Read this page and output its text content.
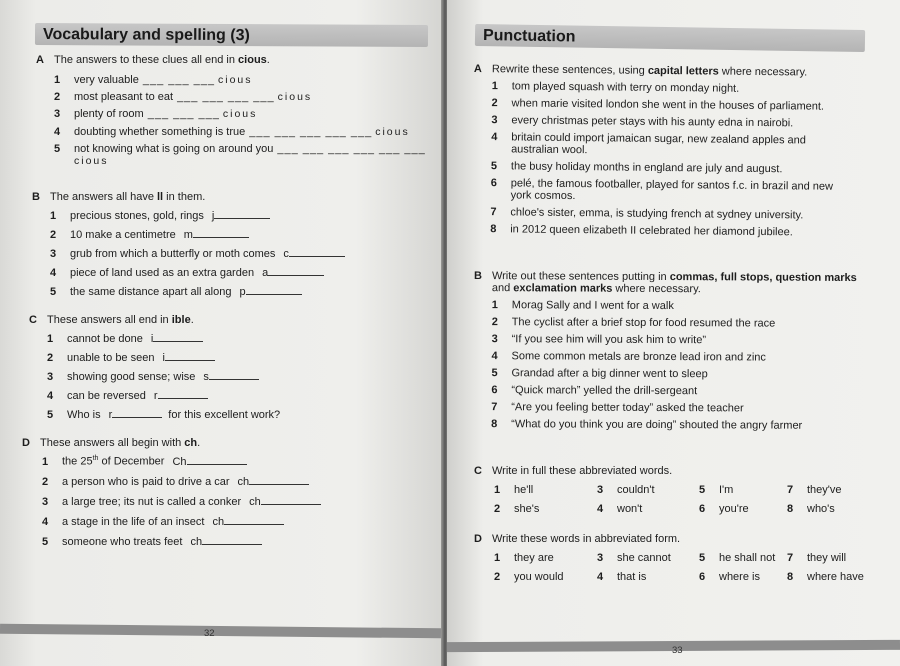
Vocabulary and spelling (3)
A The answers to these clues all end in cious.
1	very valuable ___ ___ ___ cious
2	most pleasant to eat ___ ___ ___ ___ cious
3	plenty of room ___ ___ ___ cious
4	doubting whether something is true ___ ___ ___ ___ ___ cious
5	not knowing what is going on around you ___ ___ ___ ___ ___ ___
cious
B The answers all have ll in them.
1	precious stones, gold, rings j
2	10 make a centimetre m
3	grub from which a butterfly or moth comes c
4	piece of land used as an extra garden a
5	the same distance apart all along p
C These answers all end in ible.
1	cannot be done i
2	unable to be seen i
3	showing good sense; wise s
4	can be reversed r
5	Who is r	for this excellent work?
D These answers all begin with ch.
1	the 25th of December Ch
2	a person who is paid to drive a car ch
3	a large tree; its nut is called a conker ch
4	a stage in the life of an insect ch
5	someone who treats feet ch
32
Punctuation
A Rewrite these sentences, using capital letters where necessary.
1	tom played squash with terry on monday night.
2	when marie visited london she went in the houses of parliament.
3	every christmas peter stays with his aunty edna in nairobi.
4	britain could import jamaican sugar, new zealand apples and
australian wool.
5	the busy holiday months in england are july and august.
6	pelé, the famous footballer, played for santos f.c. in brazil and new
york cosmos.
7	chloe's sister, emma, is studying french at sydney university.
8	in 2012 queen elizabeth II celebrated her diamond jubilee.
B Write out these sentences putting in commas, full stops, question marks
and exclamation marks where necessary.
1	Morag Sally and I went for a walk
2	The cyclist after a brief stop for food resumed the race
3	“If you see him will you ask him to write”
4	Some common metals are bronze lead iron and zinc
5	Grandad after a big dinner went to sleep
6	“Quick march” yelled the drill-sergeant
7	“Are you feeling better today” asked the teacher
8	“What do you think you are doing” shouted the angry farmer
C Write in full these abbreviated words.
1 he'll	3 couldn't	5 I'm	7 they've
2 she's	4 won't	6 you're	8 who's
D Write these words in abbreviated form.
1 they are	3 she cannot	5 he shall not 7 they will
2 you would	4 that is	6 where is 8 where have
33
